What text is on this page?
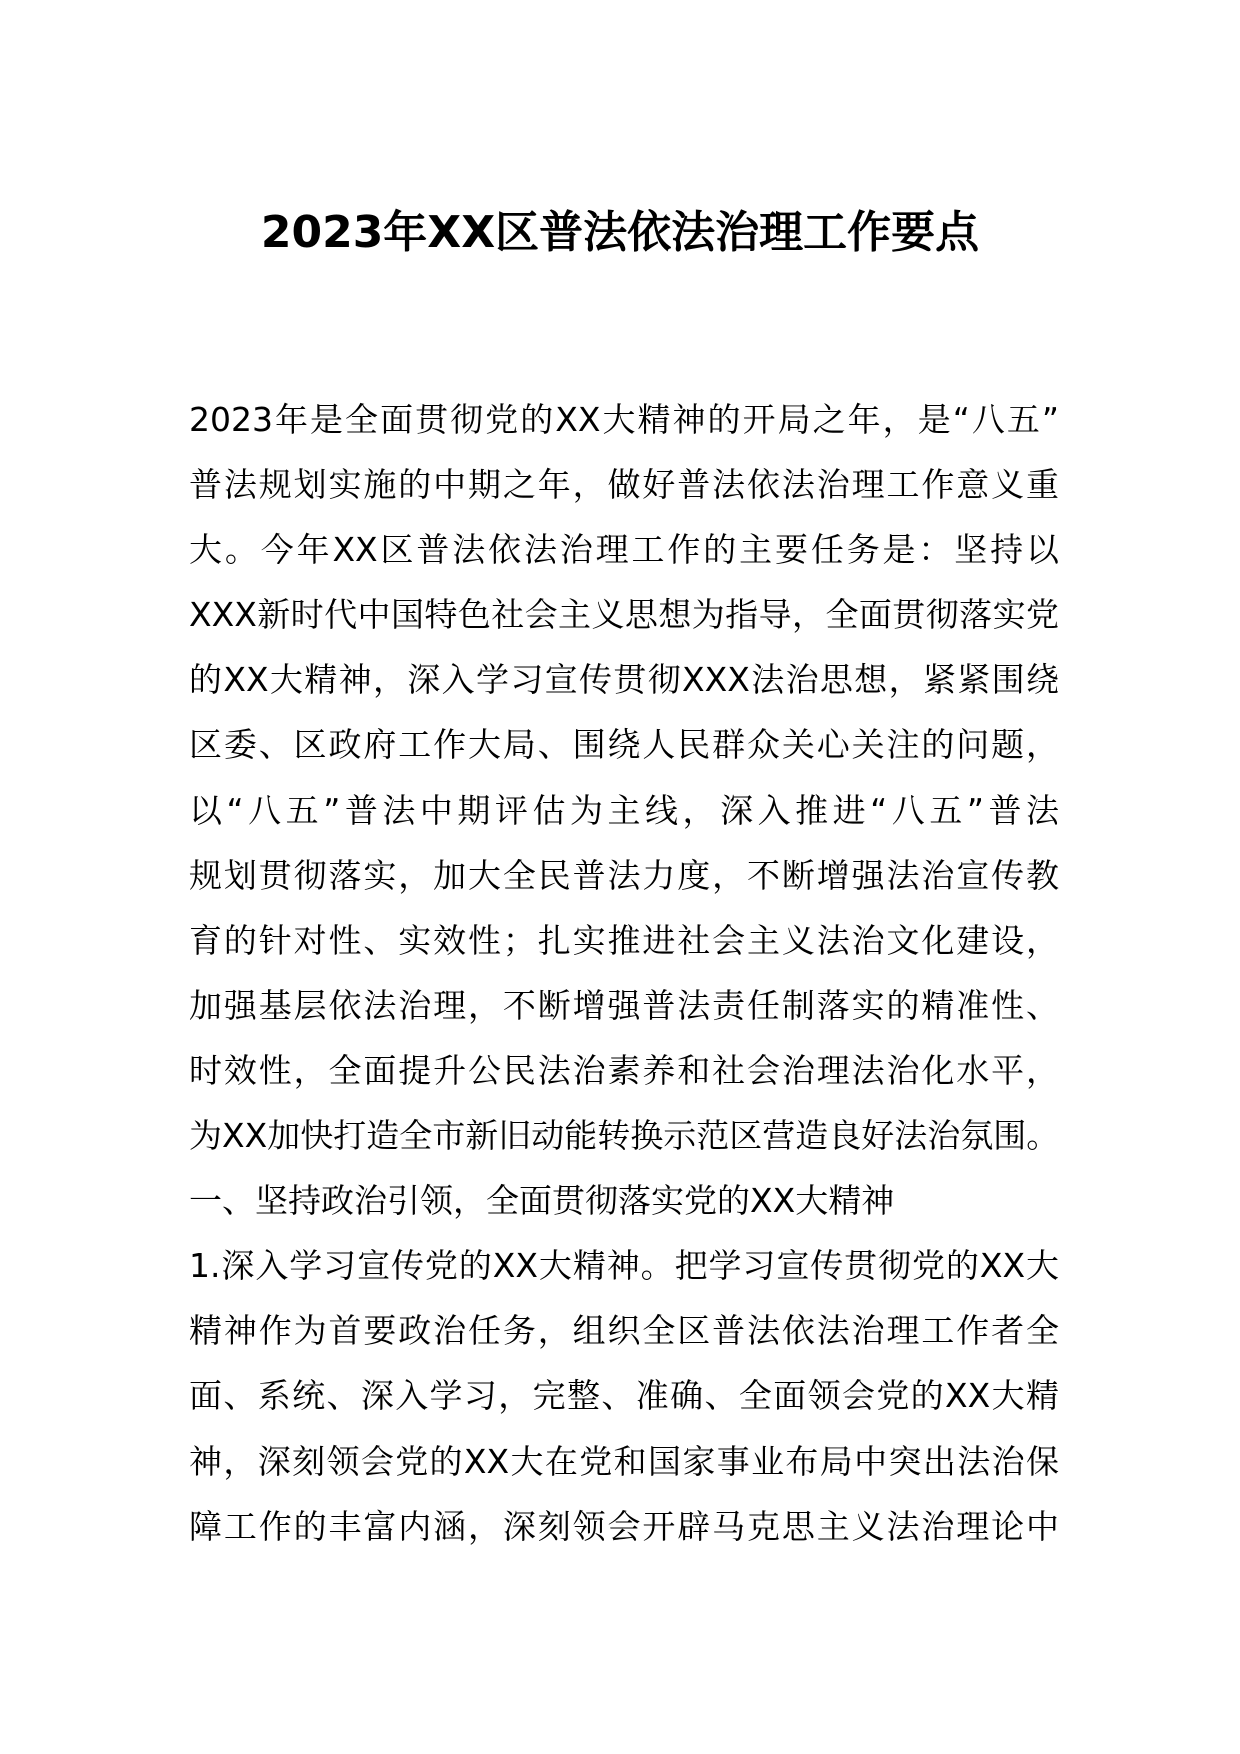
2023年XX区普法依法治理工作要点
2023年是全面贯彻党的XX大精神的开局之年，是“八五”
普法规划实施的中期之年，做好普法依法治理工作意义重
大。今年XX区普法依法治理工作的主要任务是：坚持以
XXX新时代中国特色社会主义思想为指导，全面贯彻落实党
的XX大精神，深入学习宣传贯彻XXX法治思想，紧紧围绕
区委、区政府工作大局、围绕人民群众关心关注的问题，
以“八五”普法中期评估为主线，深入推进“八五”普法
规划贯彻落实，加大全民普法力度，不断增强法治宣传教
育的针对性、实效性；扎实推进社会主义法治文化建设，
加强基层依法治理，不断增强普法责任制落实的精准性、
时效性，全面提升公民法治素养和社会治理法治化水平，
为XX加快打造全市新旧动能转换示范区营造良好法治氛围。
一、坚持政治引领，全面贯彻落实党的XX大精神
1.深入学习宣传党的XX大精神。把学习宣传贯彻党的XX大
精神作为首要政治任务，组织全区普法依法治理工作者全
面、系统、深入学习，完整、准确、全面领会党的XX大精
神，深刻领会党的XX大在党和国家事业布局中突出法治保
障工作的丰富内涵，深刻领会开辟马克思主义法治理论中
